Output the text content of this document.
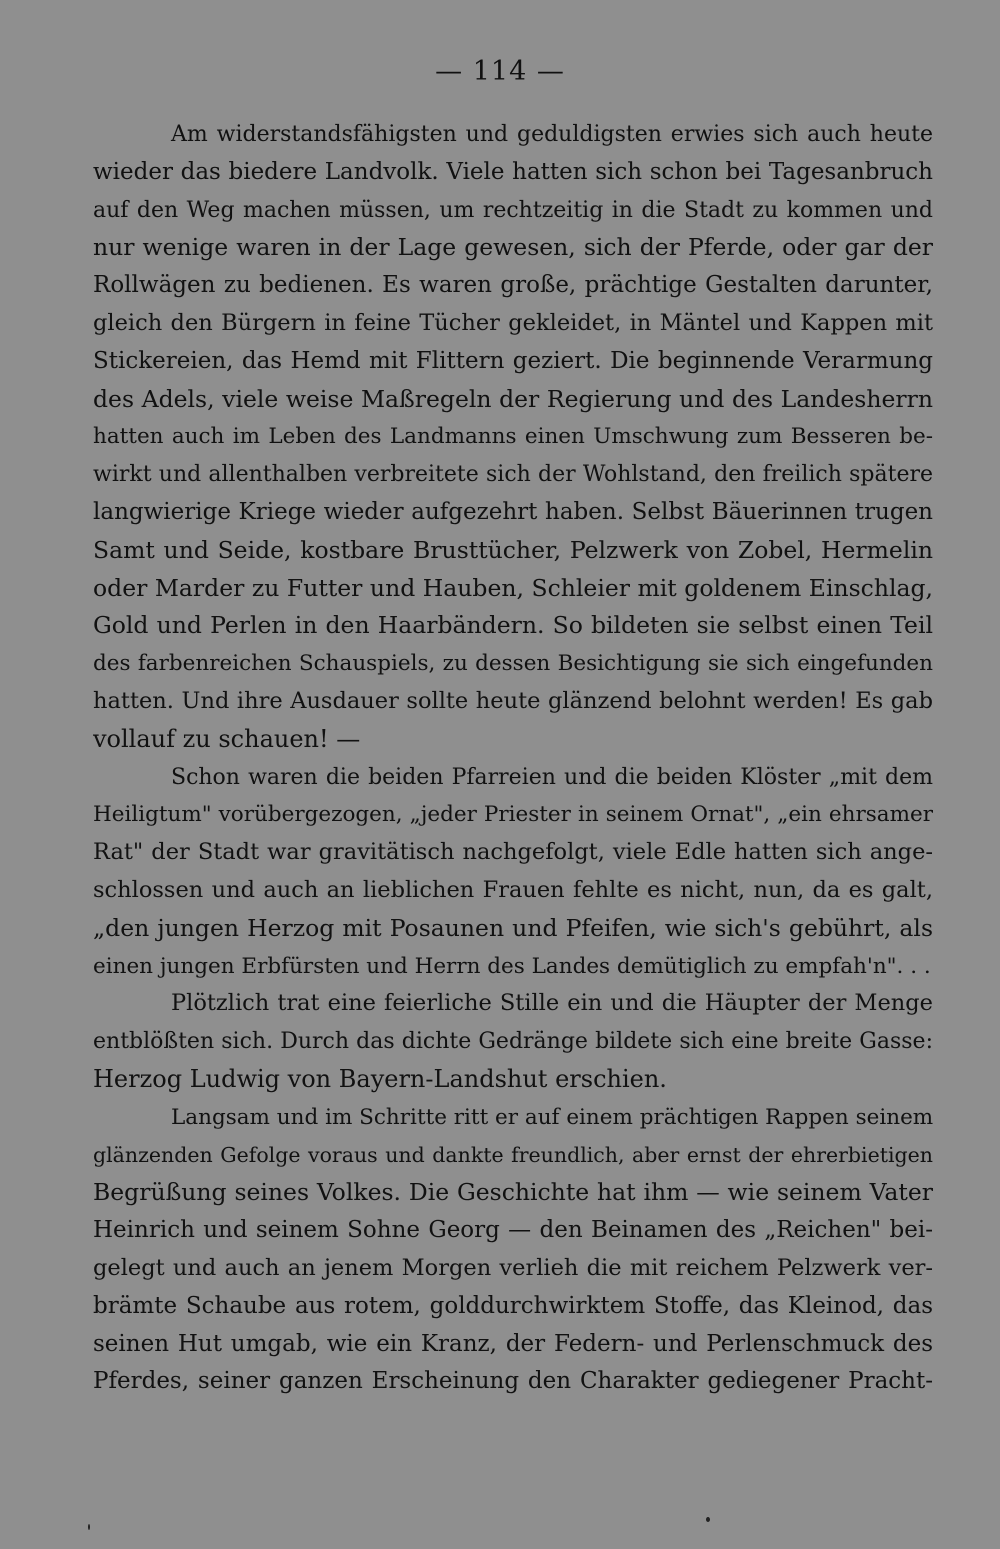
— 114 —
Am widerstandsfähigsten und geduldigsten erwies sich auch heute
wieder das biedere Landvolk. Viele hatten sich schon bei Tagesanbruch
auf den Weg machen müssen, um rechtzeitig in die Stadt zu kommen und
nur wenige waren in der Lage gewesen, sich der Pferde, oder gar der
Rollwägen zu bedienen. Es waren große, prächtige Gestalten darunter,
gleich den Bürgern in feine Tücher gekleidet, in Mäntel und Kappen mit
Stickereien, das Hemd mit Flittern geziert. Die beginnende Verarmung
des Adels, viele weise Maßregeln der Regierung und des Landesherrn
hatten auch im Leben des Landmanns einen Umschwung zum Besseren be-
wirkt und allenthalben verbreitete sich der Wohlstand, den freilich spätere
langwierige Kriege wieder aufgezehrt haben. Selbst Bäuerinnen trugen
Samt und Seide, kostbare Brusttücher, Pelzwerk von Zobel, Hermelin
oder Marder zu Futter und Hauben, Schleier mit goldenem Einschlag,
Gold und Perlen in den Haarbändern. So bildeten sie selbst einen Teil
des farbenreichen Schauspiels, zu dessen Besichtigung sie sich eingefunden
hatten. Und ihre Ausdauer sollte heute glänzend belohnt werden! Es gab
vollauf zu schauen! —
Schon waren die beiden Pfarreien und die beiden Klöster „mit dem
Heiligtum" vorübergezogen, „jeder Priester in seinem Ornat", „ein ehrsamer
Rat" der Stadt war gravitätisch nachgefolgt, viele Edle hatten sich ange-
schlossen und auch an lieblichen Frauen fehlte es nicht, nun, da es galt,
„den jungen Herzog mit Posaunen und Pfeifen, wie sich's gebührt, als
einen jungen Erbfürsten und Herrn des Landes demütiglich zu empfah'n". . .
Plötzlich trat eine feierliche Stille ein und die Häupter der Menge
entblößten sich. Durch das dichte Gedränge bildete sich eine breite Gasse:
Herzog Ludwig von Bayern-Landshut erschien.
Langsam und im Schritte ritt er auf einem prächtigen Rappen seinem
glänzenden Gefolge voraus und dankte freundlich, aber ernst der ehrerbietigen
Begrüßung seines Volkes. Die Geschichte hat ihm — wie seinem Vater
Heinrich und seinem Sohne Georg — den Beinamen des „Reichen" bei-
gelegt und auch an jenem Morgen verlieh die mit reichem Pelzwerk ver-
brämte Schaube aus rotem, golddurchwirktem Stoffe, das Kleinod, das
seinen Hut umgab, wie ein Kranz, der Federn- und Perlenschmuck des
Pferdes, seiner ganzen Erscheinung den Charakter gediegener Pracht-
